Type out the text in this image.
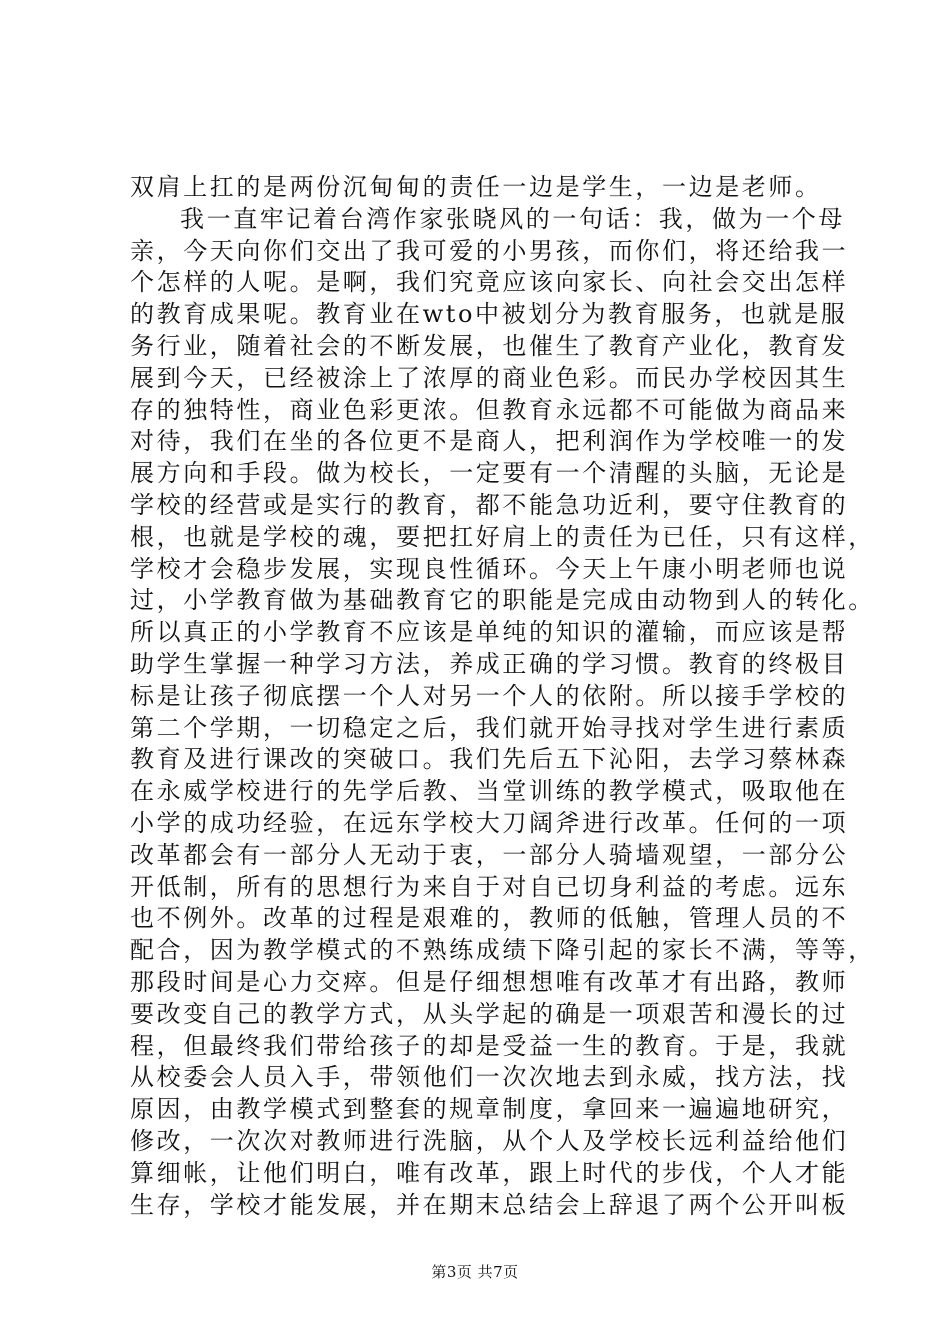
双肩上扛的是两份沉甸甸的责任一边是学生，一边是老师。
我一直牢记着台湾作家张晓风的一句话：我，做为一个母
亲，今天向你们交出了我可爱的小男孩，而你们，将还给我一
个怎样的人呢。是啊，我们究竟应该向家长、向社会交出怎样
的教育成果呢。教育业在wto中被划分为教育服务，也就是服
务行业，随着社会的不断发展，也催生了教育产业化，教育发
展到今天，已经被涂上了浓厚的商业色彩。而民办学校因其生
存的独特性，商业色彩更浓。但教育永远都不可能做为商品来
对待，我们在坐的各位更不是商人，把利润作为学校唯一的发
展方向和手段。做为校长，一定要有一个清醒的头脑，无论是
学校的经营或是实行的教育，都不能急功近利，要守住教育的
根，也就是学校的魂，要把扛好肩上的责任为已任，只有这样，
学校才会稳步发展，实现良性循环。今天上午康小明老师也说
过，小学教育做为基础教育它的职能是完成由动物到人的转化。
所以真正的小学教育不应该是单纯的知识的灌输，而应该是帮
助学生掌握一种学习方法，养成正确的学习惯。教育的终极目
标是让孩子彻底摆一个人对另一个人的依附。所以接手学校的
第二个学期，一切稳定之后，我们就开始寻找对学生进行素质
教育及进行课改的突破口。我们先后五下沁阳，去学习蔡林森
在永威学校进行的先学后教、当堂训练的教学模式，吸取他在
小学的成功经验，在远东学校大刀阔斧进行改革。任何的一项
改革都会有一部分人无动于衷，一部分人骑墙观望，一部分公
开低制，所有的思想行为来自于对自已切身利益的考虑。远东
也不例外。改革的过程是艰难的，教师的低触，管理人员的不
配合，因为教学模式的不熟练成绩下降引起的家长不满，等等，
那段时间是心力交瘁。但是仔细想想唯有改革才有出路，教师
要改变自己的教学方式，从头学起的确是一项艰苦和漫长的过
程，但最终我们带给孩子的却是受益一生的教育。于是，我就
从校委会人员入手，带领他们一次次地去到永威，找方法，找
原因，由教学模式到整套的规章制度，拿回来一遍遍地研究，
修改，一次次对教师进行洗脑，从个人及学校长远利益给他们
算细帐，让他们明白，唯有改革，跟上时代的步伐，个人才能
生存，学校才能发展，并在期末总结会上辞退了两个公开叫板
第3页 共7页
